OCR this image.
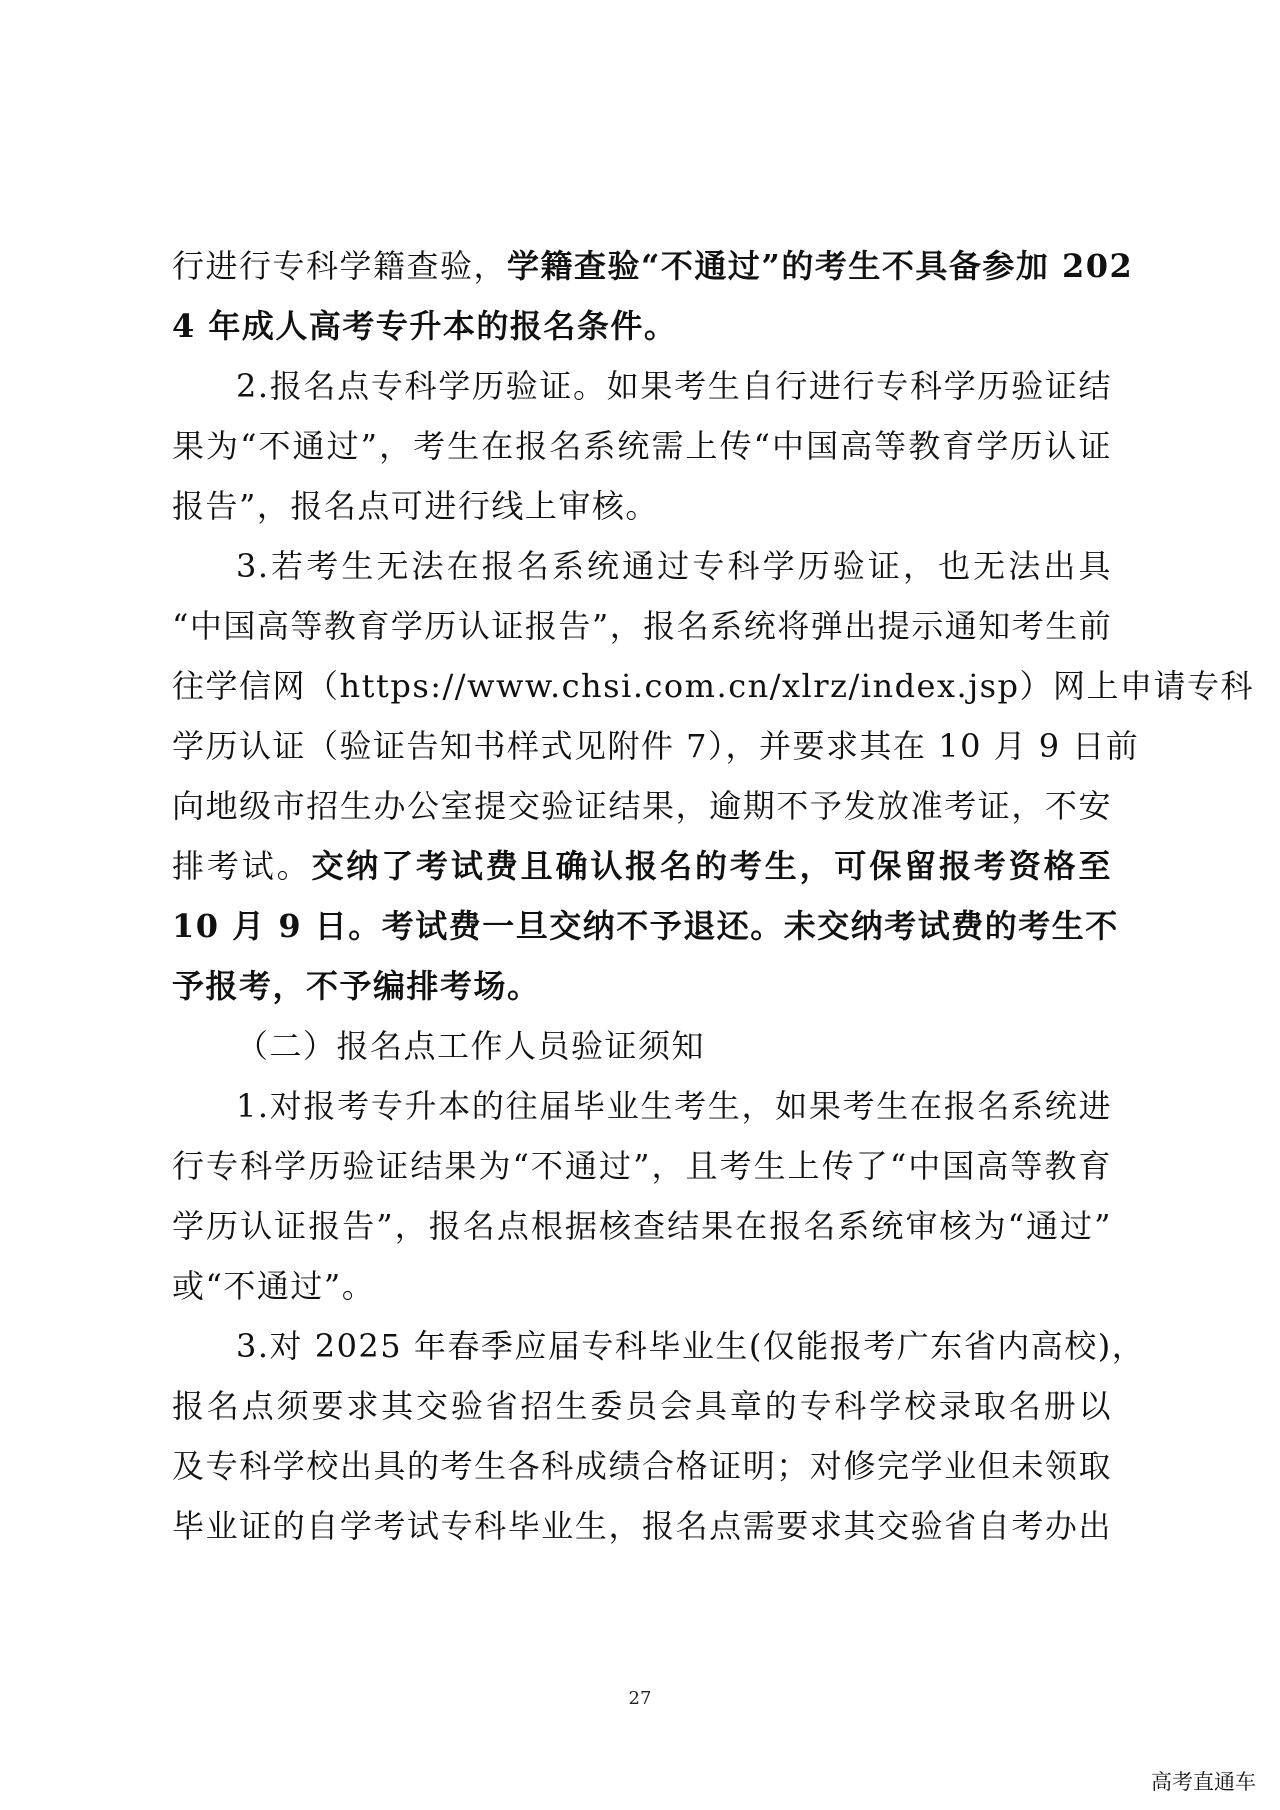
行进行专科学籍查验，学籍查验“不通过”的考生不具备参加 202

4 年成人高考专升本的报名条件。

2.报名点专科学历验证。如果考生自行进行专科学历验证结

果为“不通过”，考生在报名系统需上传“中国高等教育学历认证

报告”，报名点可进行线上审核。

3.若考生无法在报名系统通过专科学历验证，也无法出具

“中国高等教育学历认证报告”，报名系统将弹出提示通知考生前

往学信网（https://www.chsi.com.cn/xlrz/index.jsp）网上申请专科

学历认证（验证告知书样式见附件 7），并要求其在 10 月 9 日前

向地级市招生办公室提交验证结果，逾期不予发放准考证，不安

排考试。交纳了考试费且确认报名的考生，可保留报考资格至

10 月 9 日。考试费一旦交纳不予退还。未交纳考试费的考生不

予报考，不予编排考场。

（二）报名点工作人员验证须知

1.对报考专升本的往届毕业生考生，如果考生在报名系统进

行专科学历验证结果为“不通过”，且考生上传了“中国高等教育

学历认证报告”，报名点根据核查结果在报名系统审核为“通过”

或“不通过”。

3.对 2025 年春季应届专科毕业生(仅能报考广东省内高校)，

报名点须要求其交验省招生委员会具章的专科学校录取名册以

及专科学校出具的考生各科成绩合格证明；对修完学业但未领取

毕业证的自学考试专科毕业生，报名点需要求其交验省自考办出

27
高考直通车
